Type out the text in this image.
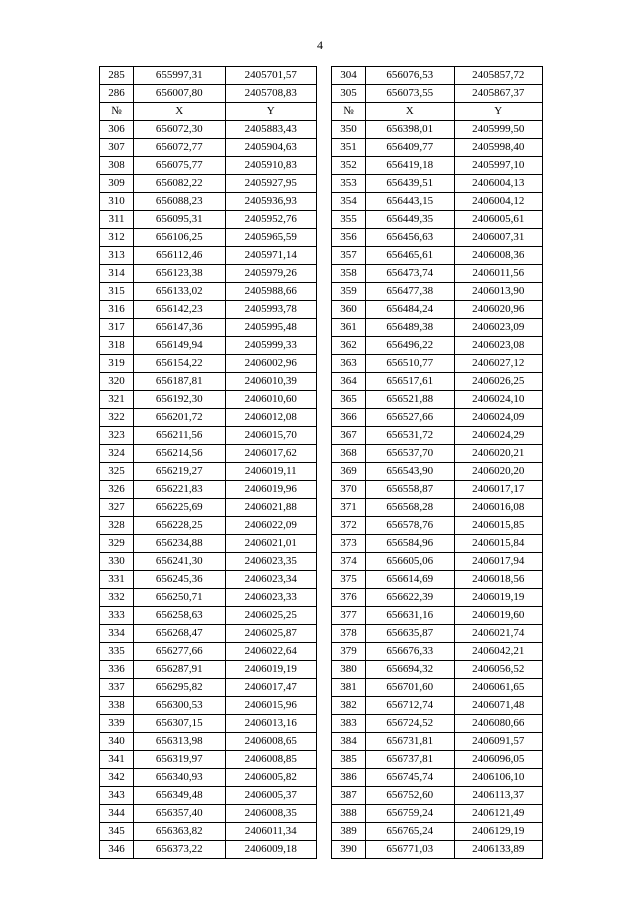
4
285	655997,31	2405701,57
286	656007,80	2405708,83
№	X	Y
306	656072,30	2405883,43
307	656072,77	2405904,63
308	656075,77	2405910,83
309	656082,22	2405927,95
310	656088,23	2405936,93
311	656095,31	2405952,76
312	656106,25	2405965,59
313	656112,46	2405971,14
314	656123,38	2405979,26
315	656133,02	2405988,66
316	656142,23	2405993,78
317	656147,36	2405995,48
318	656149,94	2405999,33
319	656154,22	2406002,96
320	656187,81	2406010,39
321	656192,30	2406010,60
322	656201,72	2406012,08
323	656211,56	2406015,70
324	656214,56	2406017,62
325	656219,27	2406019,11
326	656221,83	2406019,96
327	656225,69	2406021,88
328	656228,25	2406022,09
329	656234,88	2406021,01
330	656241,30	2406023,35
331	656245,36	2406023,34
332	656250,71	2406023,33
333	656258,63	2406025,25
334	656268,47	2406025,87
335	656277,66	2406022,64
336	656287,91	2406019,19
337	656295,82	2406017,47
338	656300,53	2406015,96
339	656307,15	2406013,16
340	656313,98	2406008,65
341	656319,97	2406008,85
342	656340,93	2406005,82
343	656349,48	2406005,37
344	656357,40	2406008,35
345	656363,82	2406011,34
346	656373,22	2406009,18
304	656076,53	2405857,72
305	656073,55	2405867,37
№	X	Y
350	656398,01	2405999,50
351	656409,77	2405998,40
352	656419,18	2405997,10
353	656439,51	2406004,13
354	656443,15	2406004,12
355	656449,35	2406005,61
356	656456,63	2406007,31
357	656465,61	2406008,36
358	656473,74	2406011,56
359	656477,38	2406013,90
360	656484,24	2406020,96
361	656489,38	2406023,09
362	656496,22	2406023,08
363	656510,77	2406027,12
364	656517,61	2406026,25
365	656521,88	2406024,10
366	656527,66	2406024,09
367	656531,72	2406024,29
368	656537,70	2406020,21
369	656543,90	2406020,20
370	656558,87	2406017,17
371	656568,28	2406016,08
372	656578,76	2406015,85
373	656584,96	2406015,84
374	656605,06	2406017,94
375	656614,69	2406018,56
376	656622,39	2406019,19
377	656631,16	2406019,60
378	656635,87	2406021,74
379	656676,33	2406042,21
380	656694,32	2406056,52
381	656701,60	2406061,65
382	656712,74	2406071,48
383	656724,52	2406080,66
384	656731,81	2406091,57
385	656737,81	2406096,05
386	656745,74	2406106,10
387	656752,60	2406113,37
388	656759,24	2406121,49
389	656765,24	2406129,19
390	656771,03	2406133,89
